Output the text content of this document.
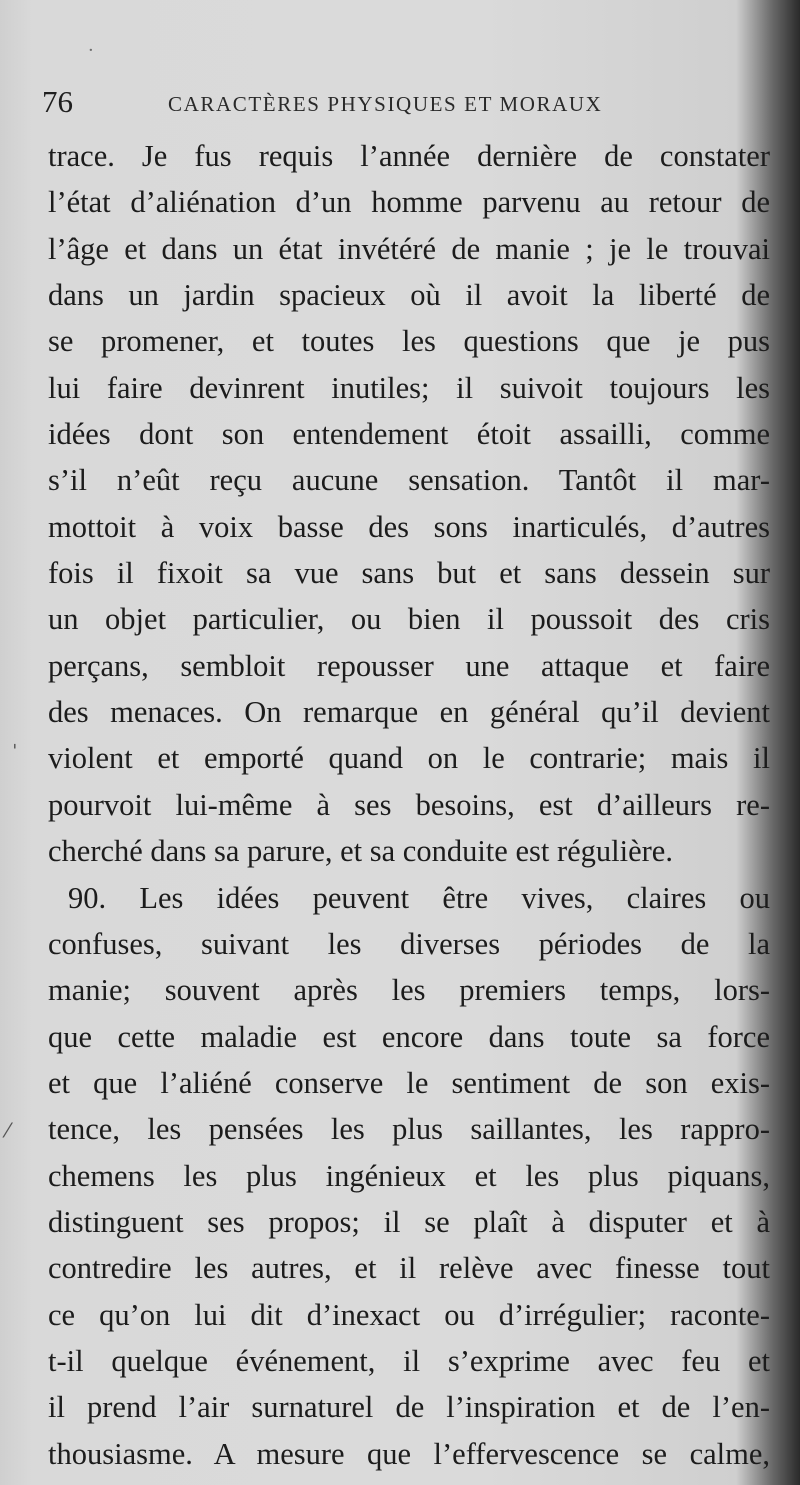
·
76	CARACTÈRES PHYSIQUES ET MORAUX
⁄
ˈ
trace. Je fus requis l’année dernière de constater
l’état d’aliénation d’un homme parvenu au retour de
l’âge et dans un état invétéré de manie ; je le trouvai
dans un jardin spacieux où il avoit la liberté de
se promener, et toutes les questions que je pus
lui faire devinrent inutiles; il suivoit toujours les
idées dont son entendement étoit assailli, comme
s’il n’eût reçu aucune sensation. Tantôt il mar-
mottoit à voix basse des sons inarticulés, d’autres
fois il fixoit sa vue sans but et sans dessein sur
un objet particulier, ou bien il poussoit des cris
perçans, sembloit repousser une attaque et faire
des menaces. On remarque en général qu’il devient
violent et emporté quand on le contrarie; mais il
pourvoit lui-même à ses besoins, est d’ailleurs re-
cherché dans sa parure, et sa conduite est régulière.
90. Les idées peuvent être vives, claires ou
confuses, suivant les diverses périodes de la
manie; souvent après les premiers temps, lors-
que cette maladie est encore dans toute sa force
et que l’aliéné conserve le sentiment de son exis-
tence, les pensées les plus saillantes, les rappro-
chemens les plus ingénieux et les plus piquans,
distinguent ses propos; il se plaît à disputer et à
contredire les autres, et il relève avec finesse tout
ce qu’on lui dit d’inexact ou d’irrégulier; raconte-
t-il quelque événement, il s’exprime avec feu et
il prend l’air surnaturel de l’inspiration et de l’en-
thousiasme. A mesure que l’effervescence se calme,
